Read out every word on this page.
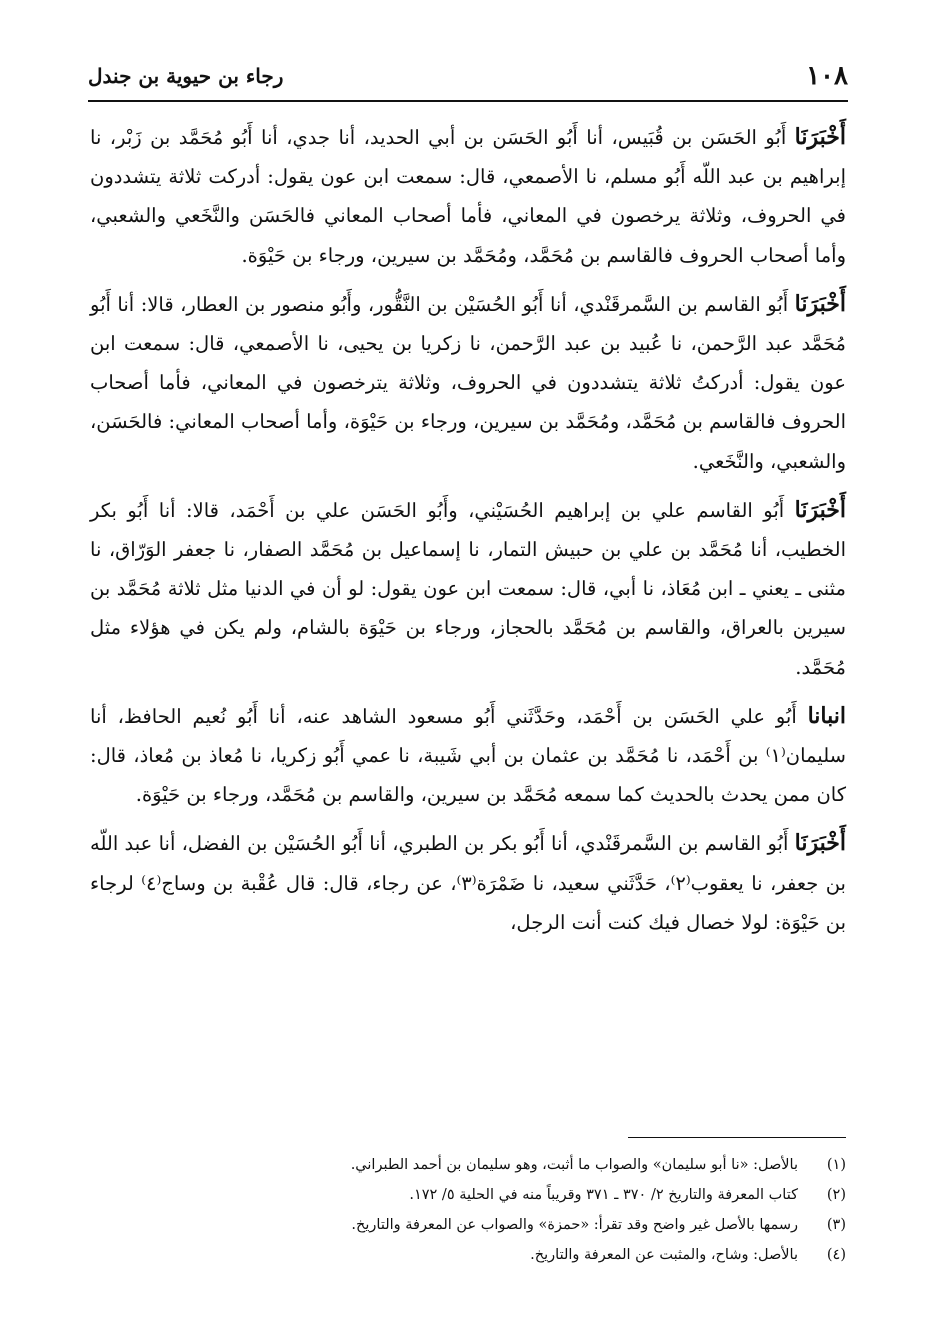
١٠٨
رجاء بن حيوية بن جندل

أَخْبَرَنَا أَبُو الحَسَن بن قُبَيس، أنا أَبُو الحَسَن بن أبي الحديد، أنا جدي، أنا أَبُو مُحَمَّد بن زَبْر، نا إبراهيم بن عبد اللّه أَبُو مسلم، نا الأصمعي، قال: سمعت ابن عون يقول: أدركت ثلاثة يتشددون في الحروف، وثلاثة يرخصون في المعاني، فأما أصحاب المعاني فالحَسَن والنَّخَعي والشعبي، وأما أصحاب الحروف فالقاسم بن مُحَمَّد، ومُحَمَّد بن سيرين، ورجاء بن حَيْوَة.

أَخْبَرَنَا أَبُو القاسم بن السَّمرقَنْدي، أنا أَبُو الحُسَيْن بن النَّقُّور، وأَبُو منصور بن العطار، قالا: أنا أَبُو مُحَمَّد عبد الرَّحمن، نا عُبيد بن عبد الرَّحمن، نا زكريا بن يحيى، نا الأصمعي، قال: سمعت ابن عون يقول: أدركتُ ثلاثة يتشددون في الحروف، وثلاثة يترخصون في المعاني، فأما أصحاب الحروف فالقاسم بن مُحَمَّد، ومُحَمَّد بن سيرين، ورجاء بن حَيْوَة، وأما أصحاب المعاني: فالحَسَن، والشعبي، والنَّخَعي.

أَخْبَرَنَا أَبُو القاسم علي بن إبراهيم الحُسَيْني، وأَبُو الحَسَن علي بن أَحْمَد، قالا: أنا أَبُو بكر الخطيب، أنا مُحَمَّد بن علي بن حبيش التمار، نا إسماعيل بن مُحَمَّد الصفار، نا جعفر الوَرّاق، نا مثنى ـ يعني ـ ابن مُعَاذ، نا أبي، قال: سمعت ابن عون يقول: لو أن في الدنيا مثل ثلاثة مُحَمَّد بن سيرين بالعراق، والقاسم بن مُحَمَّد بالحجاز، ورجاء بن حَيْوَة بالشام، ولم يكن في هؤلاء مثل مُحَمَّد.

انبانا أَبُو علي الحَسَن بن أَحْمَد، وحَدَّثَني أَبُو مسعود الشاهد عنه، أنا أَبُو نُعيم الحافظ، أنا سليمان⁽١⁾ بن أَحْمَد، نا مُحَمَّد بن عثمان بن أبي شَيبة، نا عمي أَبُو زكريا، نا مُعاذ بن مُعاذ، قال: كان ممن يحدث بالحديث كما سمعه مُحَمَّد بن سيرين، والقاسم بن مُحَمَّد، ورجاء بن حَيْوَة.

أَخْبَرَنَا أَبُو القاسم بن السَّمرقَنْدي، أنا أَبُو بكر بن الطبري، أنا أَبُو الحُسَيْن بن الفضل، أنا عبد اللّه بن جعفر، نا يعقوب⁽٢⁾، حَدَّثَني سعيد، نا ضَمْرَة⁽٣⁾، عن رجاء، قال: قال عُقْبة بن وساج⁽٤⁾ لرجاء بن حَيْوَة: لولا خصال فيك كنت أنت الرجل،

(١)
بالأصل: «نا أبو سليمان» والصواب ما أثبت، وهو سليمان بن أحمد الطبراني.
(٢)
كتاب المعرفة والتاريخ ٢/ ٣٧٠ ـ ٣٧١ وقريباً منه في الحلية ٥/ ١٧٢.
(٣)
رسمها بالأصل غير واضح وقد تقرأ: «حمزة» والصواب عن المعرفة والتاريخ.
(٤)
بالأصل: وشاح، والمثبت عن المعرفة والتاريخ.
